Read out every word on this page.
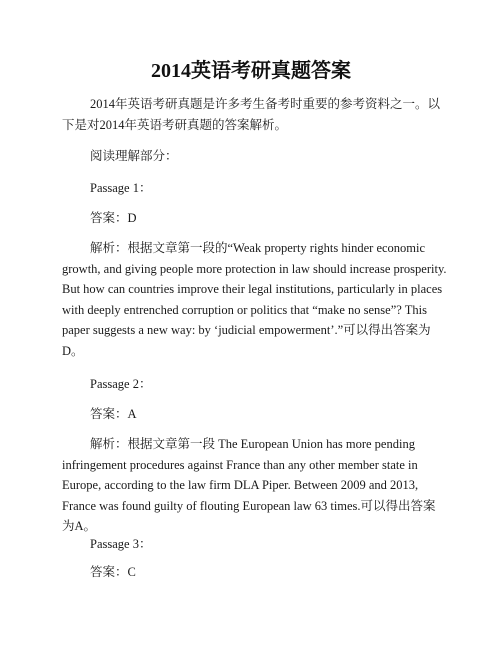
2014英语考研真题答案

2014年英语考研真题是许多考生备考时重要的参考资料之一。以下是对2014年英语考研真题的答案解析。

阅读理解部分：
Passage 1：
答案：D

解析：根据文章第一段的“Weak property rights hinder economic growth, and giving people more protection in law should increase prosperity. But how can countries improve their legal institutions, particularly in places with deeply entrenched corruption or politics that “make no sense”? This paper suggests a new way: by ‘judicial empowerment’.”可以得出答案为D。

Passage 2：
答案：A

解析：根据文章第一段 The European Union has more pending infringement procedures against France than any other member state in Europe, according to the law firm DLA Piper. Between 2009 and 2013, France was found guilty of flouting European law 63 times.可以得出答案为A。

Passage 3：
答案：C
